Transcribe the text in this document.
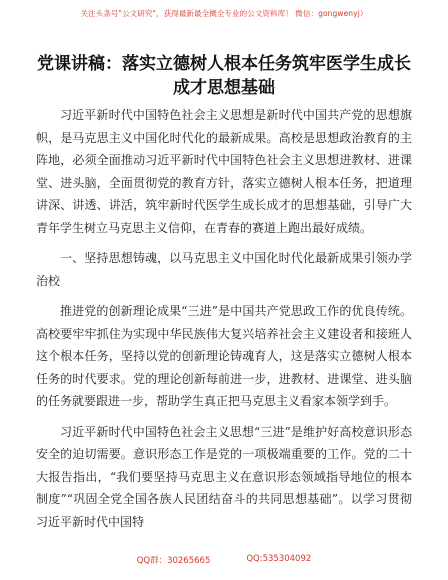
关注头条号"公文研究"，获得最新最全概全专业的公文资料库！ 微信：gongwenyj）
党课讲稿：落实立德树人根本任务筑牢医学生成长成才思想基础

习近平新时代中国特色社会主义思想是新时代中国共产党的思想旗帜，是马克思主义中国化时代化的最新成果。高校是思想政治教育的主阵地，必须全面推动习近平新时代中国特色社会主义思想进教材、进课堂、进头脑，全面贯彻党的教育方针，落实立德树人根本任务，把道理讲深、讲透、讲活，筑牢新时代医学生成长成才的思想基础，引导广大青年学生树立马克思主义信仰，在青春的赛道上跑出最好成绩。

一、坚持思想铸魂，以马克思主义中国化时代化最新成果引领办学治校

推进党的创新理论成果“三进”是中国共产党思政工作的优良传统。高校要牢牢抓住为实现中华民族伟大复兴培养社会主义建设者和接班人这个根本任务，坚持以党的创新理论铸魂育人，这是落实立德树人根本任务的时代要求。党的理论创新每前进一步，进教材、进课堂、进头脑的任务就要跟进一步，帮助学生真正把马克思主义看家本领学到手。

习近平新时代中国特色社会主义思想“三进”是维护好高校意识形态安全的迫切需要。意识形态工作是党的一项极端重要的工作。党的二十大报告指出，“我们要坚持马克思主义在意识形态领域指导地位的根本制度”“巩固全党全国各族人民团结奋斗的共同思想基础”。以学习贯彻习近平新时代中国特

QQ群：30265665	QQ:535304092
